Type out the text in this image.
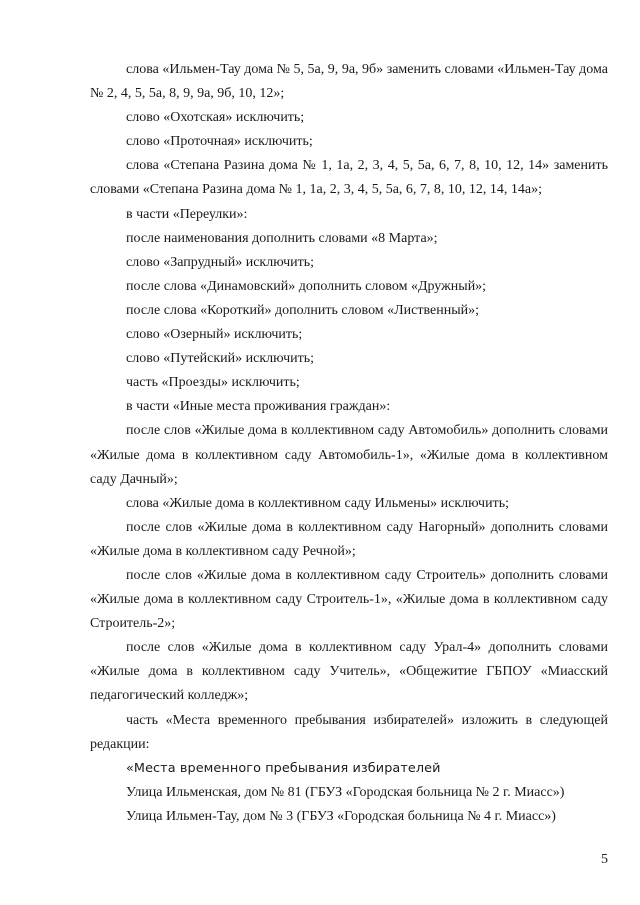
слова «Ильмен-Тау дома № 5, 5а, 9, 9а, 9б» заменить словами «Ильмен-Тау дома № 2, 4, 5, 5а, 8, 9, 9а, 9б, 10, 12»;

слово «Охотская» исключить;

слово «Проточная» исключить;

слова «Степана Разина дома № 1, 1а, 2, 3, 4, 5, 5а, 6, 7, 8, 10, 12, 14» заменить словами «Степана Разина дома № 1, 1а, 2, 3, 4, 5, 5а, 6, 7, 8, 10, 12, 14, 14а»;

в части «Переулки»:

после наименования дополнить словами «8 Марта»;

слово «Запрудный» исключить;

после слова «Динамовский» дополнить словом «Дружный»;

после слова «Короткий» дополнить словом «Лиственный»;

слово «Озерный» исключить;

слово «Путейский» исключить;

часть «Проезды» исключить;

в части «Иные места проживания граждан»:

после слов «Жилые дома в коллективном саду Автомобиль» дополнить словами «Жилые дома в коллективном саду Автомобиль-1», «Жилые дома в коллективном саду Дачный»;

слова «Жилые дома в коллективном саду Ильмены» исключить;

после слов «Жилые дома в коллективном саду Нагорный» дополнить словами «Жилые дома в коллективном саду Речной»;

после слов «Жилые дома в коллективном саду Строитель» дополнить словами «Жилые дома в коллективном саду Строитель-1», «Жилые дома в коллективном саду Строитель-2»;

после слов «Жилые дома в коллективном саду Урал-4» дополнить словами «Жилые дома в коллективном саду Учитель», «Общежитие ГБПОУ «Миасский педагогический колледж»;

часть «Места временного пребывания избирателей» изложить в следующей редакции:

«Места временного пребывания избирателей

Улица Ильменская, дом № 81 (ГБУЗ «Городская больница № 2 г. Миасс»)

Улица Ильмен-Тау, дом № 3 (ГБУЗ «Городская больница № 4 г. Миасс»)

5
